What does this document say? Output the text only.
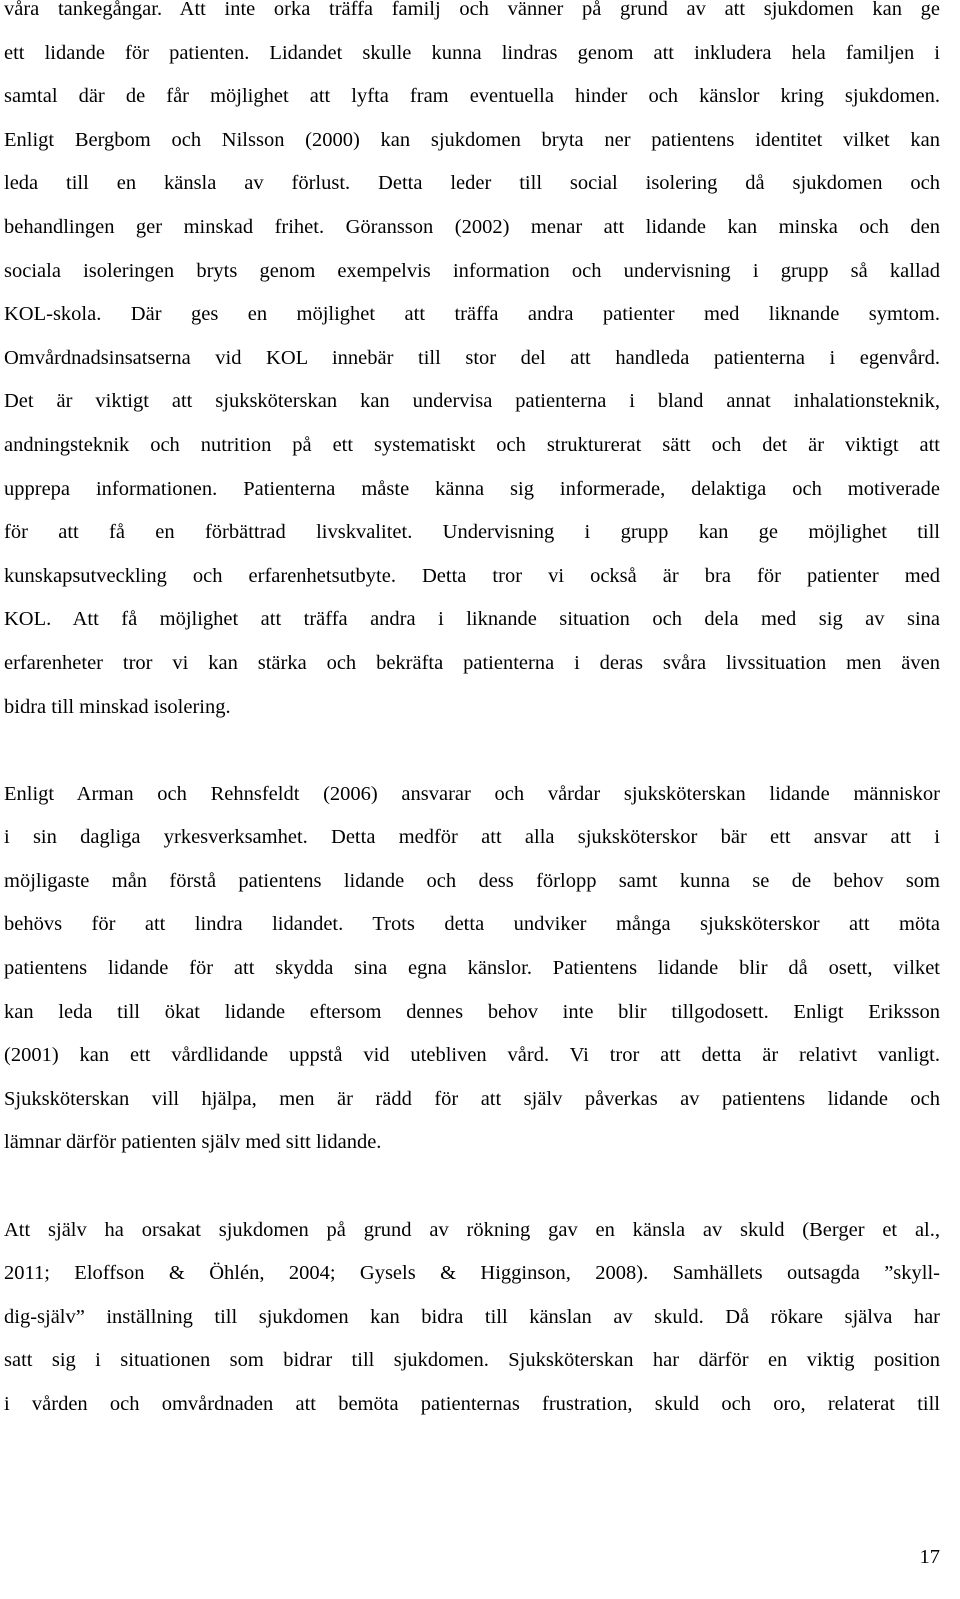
våra tankegångar. Att inte orka träffa familj och vänner på grund av att sjukdomen kan ge
ett lidande för patienten. Lidandet skulle kunna lindras genom att inkludera hela familjen i
samtal där de får möjlighet att lyfta fram eventuella hinder och känslor kring sjukdomen.
Enligt Bergbom och Nilsson (2000) kan sjukdomen bryta ner patientens identitet vilket kan
leda till en känsla av förlust. Detta leder till social isolering då sjukdomen och
behandlingen ger minskad frihet. Göransson (2002) menar att lidande kan minska och den
sociala isoleringen bryts genom exempelvis information och undervisning i grupp så kallad
KOL-skola. Där ges en möjlighet att träffa andra patienter med liknande symtom.
Omvårdnadsinsatserna vid KOL innebär till stor del att handleda patienterna i egenvård.
Det är viktigt att sjuksköterskan kan undervisa patienterna i bland annat inhalationsteknik,
andningsteknik och nutrition på ett systematiskt och strukturerat sätt och det är viktigt att
upprepa informationen. Patienterna måste känna sig informerade, delaktiga och motiverade
för att få en förbättrad livskvalitet. Undervisning i grupp kan ge möjlighet till
kunskapsutveckling och erfarenhetsutbyte. Detta tror vi också är bra för patienter med
KOL. Att få möjlighet att träffa andra i liknande situation och dela med sig av sina
erfarenheter tror vi kan stärka och bekräfta patienterna i deras svåra livssituation men även
bidra till minskad isolering.
Enligt Arman och Rehnsfeldt (2006) ansvarar och vårdar sjuksköterskan lidande människor
i sin dagliga yrkesverksamhet. Detta medför att alla sjuksköterskor bär ett ansvar att i
möjligaste mån förstå patientens lidande och dess förlopp samt kunna se de behov som
behövs för att lindra lidandet. Trots detta undviker många sjuksköterskor att möta
patientens lidande för att skydda sina egna känslor. Patientens lidande blir då osett, vilket
kan leda till ökat lidande eftersom dennes behov inte blir tillgodosett. Enligt Eriksson
(2001) kan ett vårdlidande uppstå vid utebliven vård. Vi tror att detta är relativt vanligt.
Sjuksköterskan vill hjälpa, men är rädd för att själv påverkas av patientens lidande och
lämnar därför patienten själv med sitt lidande.
Att själv ha orsakat sjukdomen på grund av rökning gav en känsla av skuld (Berger et al.,
2011; Eloffson & Öhlén, 2004; Gysels & Higginson, 2008). Samhällets outsagda ”skyll-
dig-själv” inställning till sjukdomen kan bidra till känslan av skuld. Då rökare själva har
satt sig i situationen som bidrar till sjukdomen. Sjuksköterskan har därför en viktig position
i vården och omvårdnaden att bemöta patienternas frustration, skuld och oro, relaterat till
17
